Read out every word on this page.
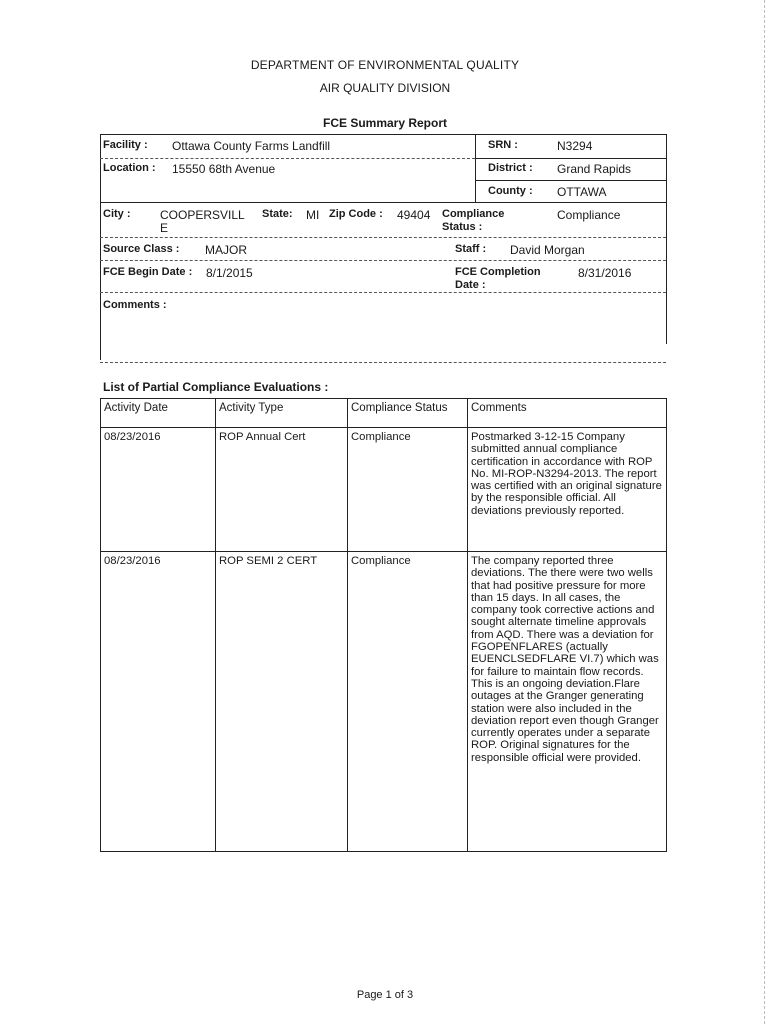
DEPARTMENT OF ENVIRONMENTAL QUALITY
AIR QUALITY DIVISION
FCE Summary Report
Facility : Ottawa County Farms Landfill	SRN :	N3294
Location : 15550 68th Avenue	District : Grand Rapids
County : OTTAWA
City : COOPERSVILL
E
State: MI Zip Code : 49404 Compliance
Status :
Compliance
Source Class : MAJOR	Staff : David Morgan
FCE Begin Date : 8/1/2015	FCE Completion
Date :
8/31/2016
Comments :
List of Partial Compliance Evaluations :
Activity Date	Activity Type	Compliance Status	Comments
08/23/2016	ROP Annual Cert	Compliance	Postmarked 3-12-15 Company submitted annual compliance certification in accordance with ROP No. MI-ROP-N3294-2013. The report was certified with an original signature by the responsible official. All deviations previously reported.
08/23/2016	ROP SEMI 2 CERT	Compliance	The company reported three deviations. The there were two wells that had positive pressure for more than 15 days. In all cases, the company took corrective actions and sought alternate timeline approvals from AQD. There was a deviation for FGOPENFLARES (actually EUENCLSEDFLARE VI.7) which was for failure to maintain flow records. This is an ongoing deviation.Flare outages at the Granger generating station were also included in the deviation report even though Granger currently operates under a separate ROP. Original signatures for the responsible official were provided.
Page 1 of 3
